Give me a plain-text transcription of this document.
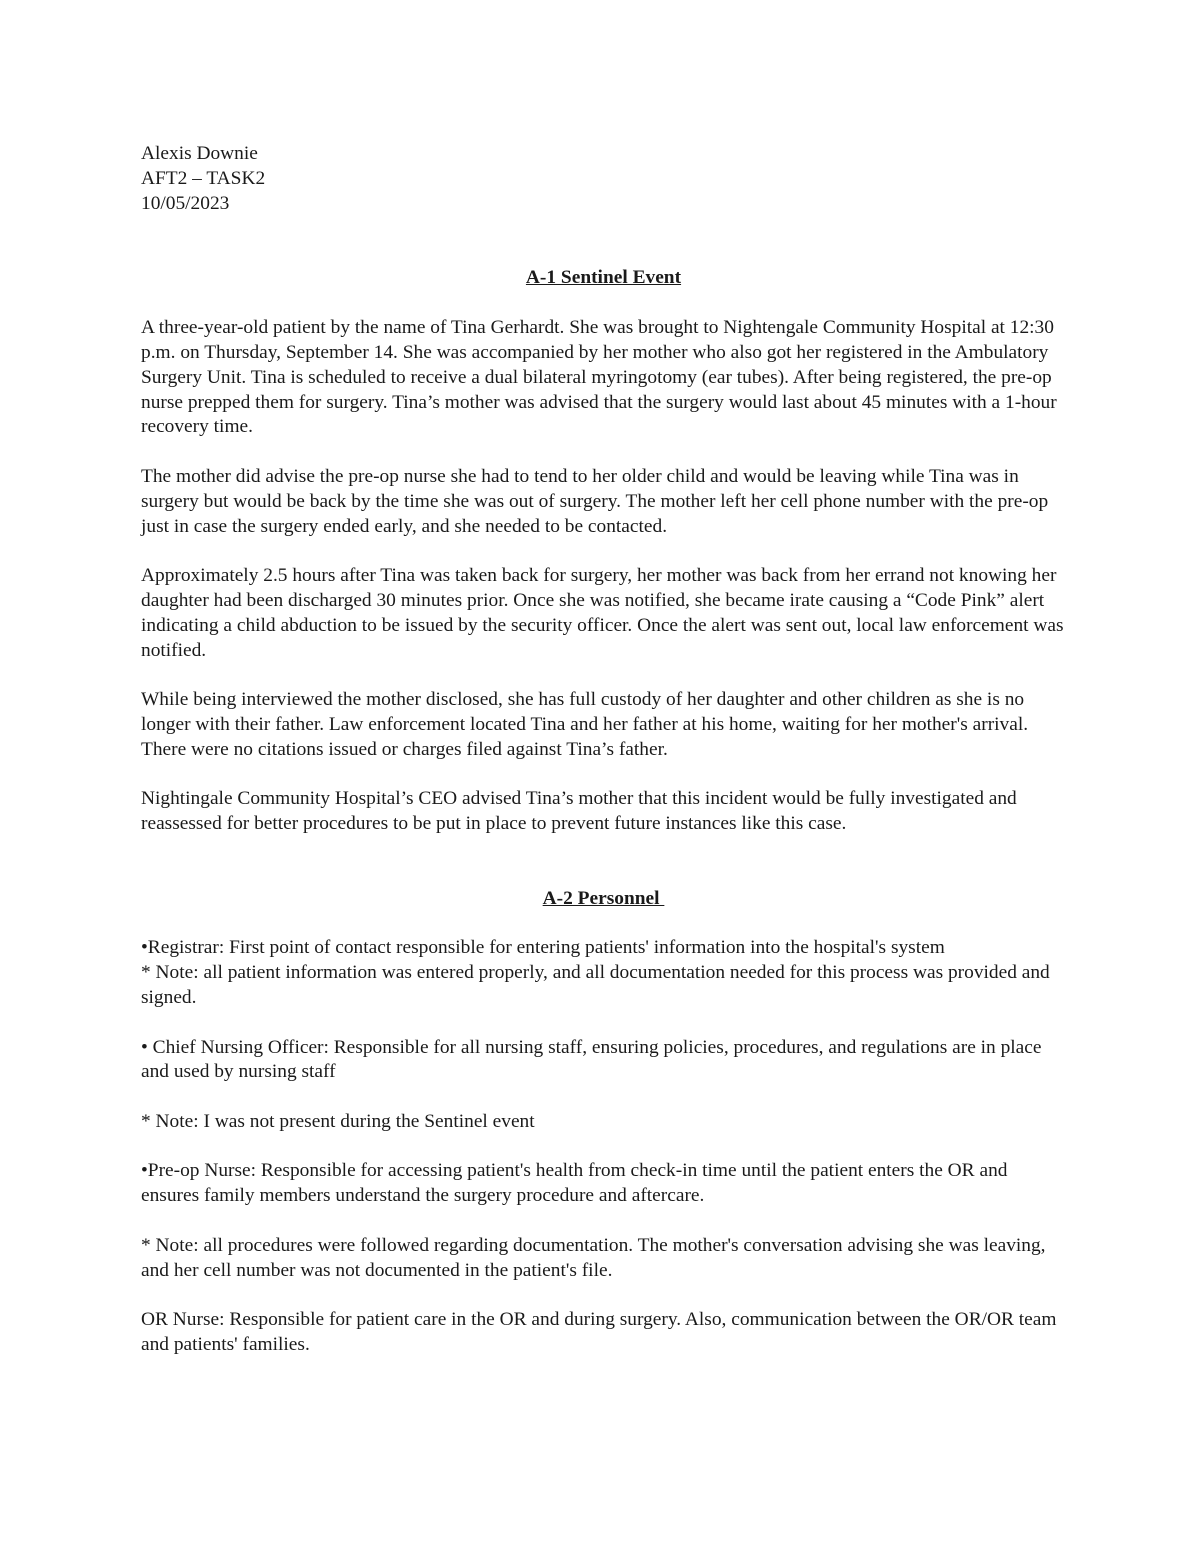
Alexis Downie
AFT2 – TASK2
10/05/2023
A-1 Sentinel Event

A three-year-old patient by the name of Tina Gerhardt. She was brought to Nightengale Community Hospital at 12:30 p.m. on Thursday, September 14. She was accompanied by her mother who also got her registered in the Ambulatory Surgery Unit. Tina is scheduled to receive a dual bilateral myringotomy (ear tubes). After being registered, the pre-op nurse prepped them for surgery. Tina’s mother was advised that the surgery would last about 45 minutes with a 1-hour recovery time.

The mother did advise the pre-op nurse she had to tend to her older child and would be leaving while Tina was in surgery but would be back by the time she was out of surgery. The mother left her cell phone number with the pre-op just in case the surgery ended early, and she needed to be contacted.

Approximately 2.5 hours after Tina was taken back for surgery, her mother was back from her errand not knowing her daughter had been discharged 30 minutes prior. Once she was notified, she became irate causing a “Code Pink” alert indicating a child abduction to be issued by the security officer. Once the alert was sent out, local law enforcement was notified.

While being interviewed the mother disclosed, she has full custody of her daughter and other children as she is no longer with their father. Law enforcement located Tina and her father at his home, waiting for her mother's arrival. There were no citations issued or charges filed against Tina’s father.

Nightingale Community Hospital’s CEO advised Tina’s mother that this incident would be fully investigated and reassessed for better procedures to be put in place to prevent future instances like this case.

A-2 Personnel

•Registrar: First point of contact responsible for entering patients' information into the hospital's system
* Note: all patient information was entered properly, and all documentation needed for this process was provided and signed.

• Chief Nursing Officer: Responsible for all nursing staff, ensuring policies, procedures, and regulations are in place and used by nursing staff

* Note: I was not present during the Sentinel event

•Pre-op Nurse: Responsible for accessing patient's health from check-in time until the patient enters the OR and ensures family members understand the surgery procedure and aftercare.

* Note: all procedures were followed regarding documentation. The mother's conversation advising she was leaving, and her cell number was not documented in the patient's file.

OR Nurse: Responsible for patient care in the OR and during surgery. Also, communication between the OR/OR team and patients' families.
